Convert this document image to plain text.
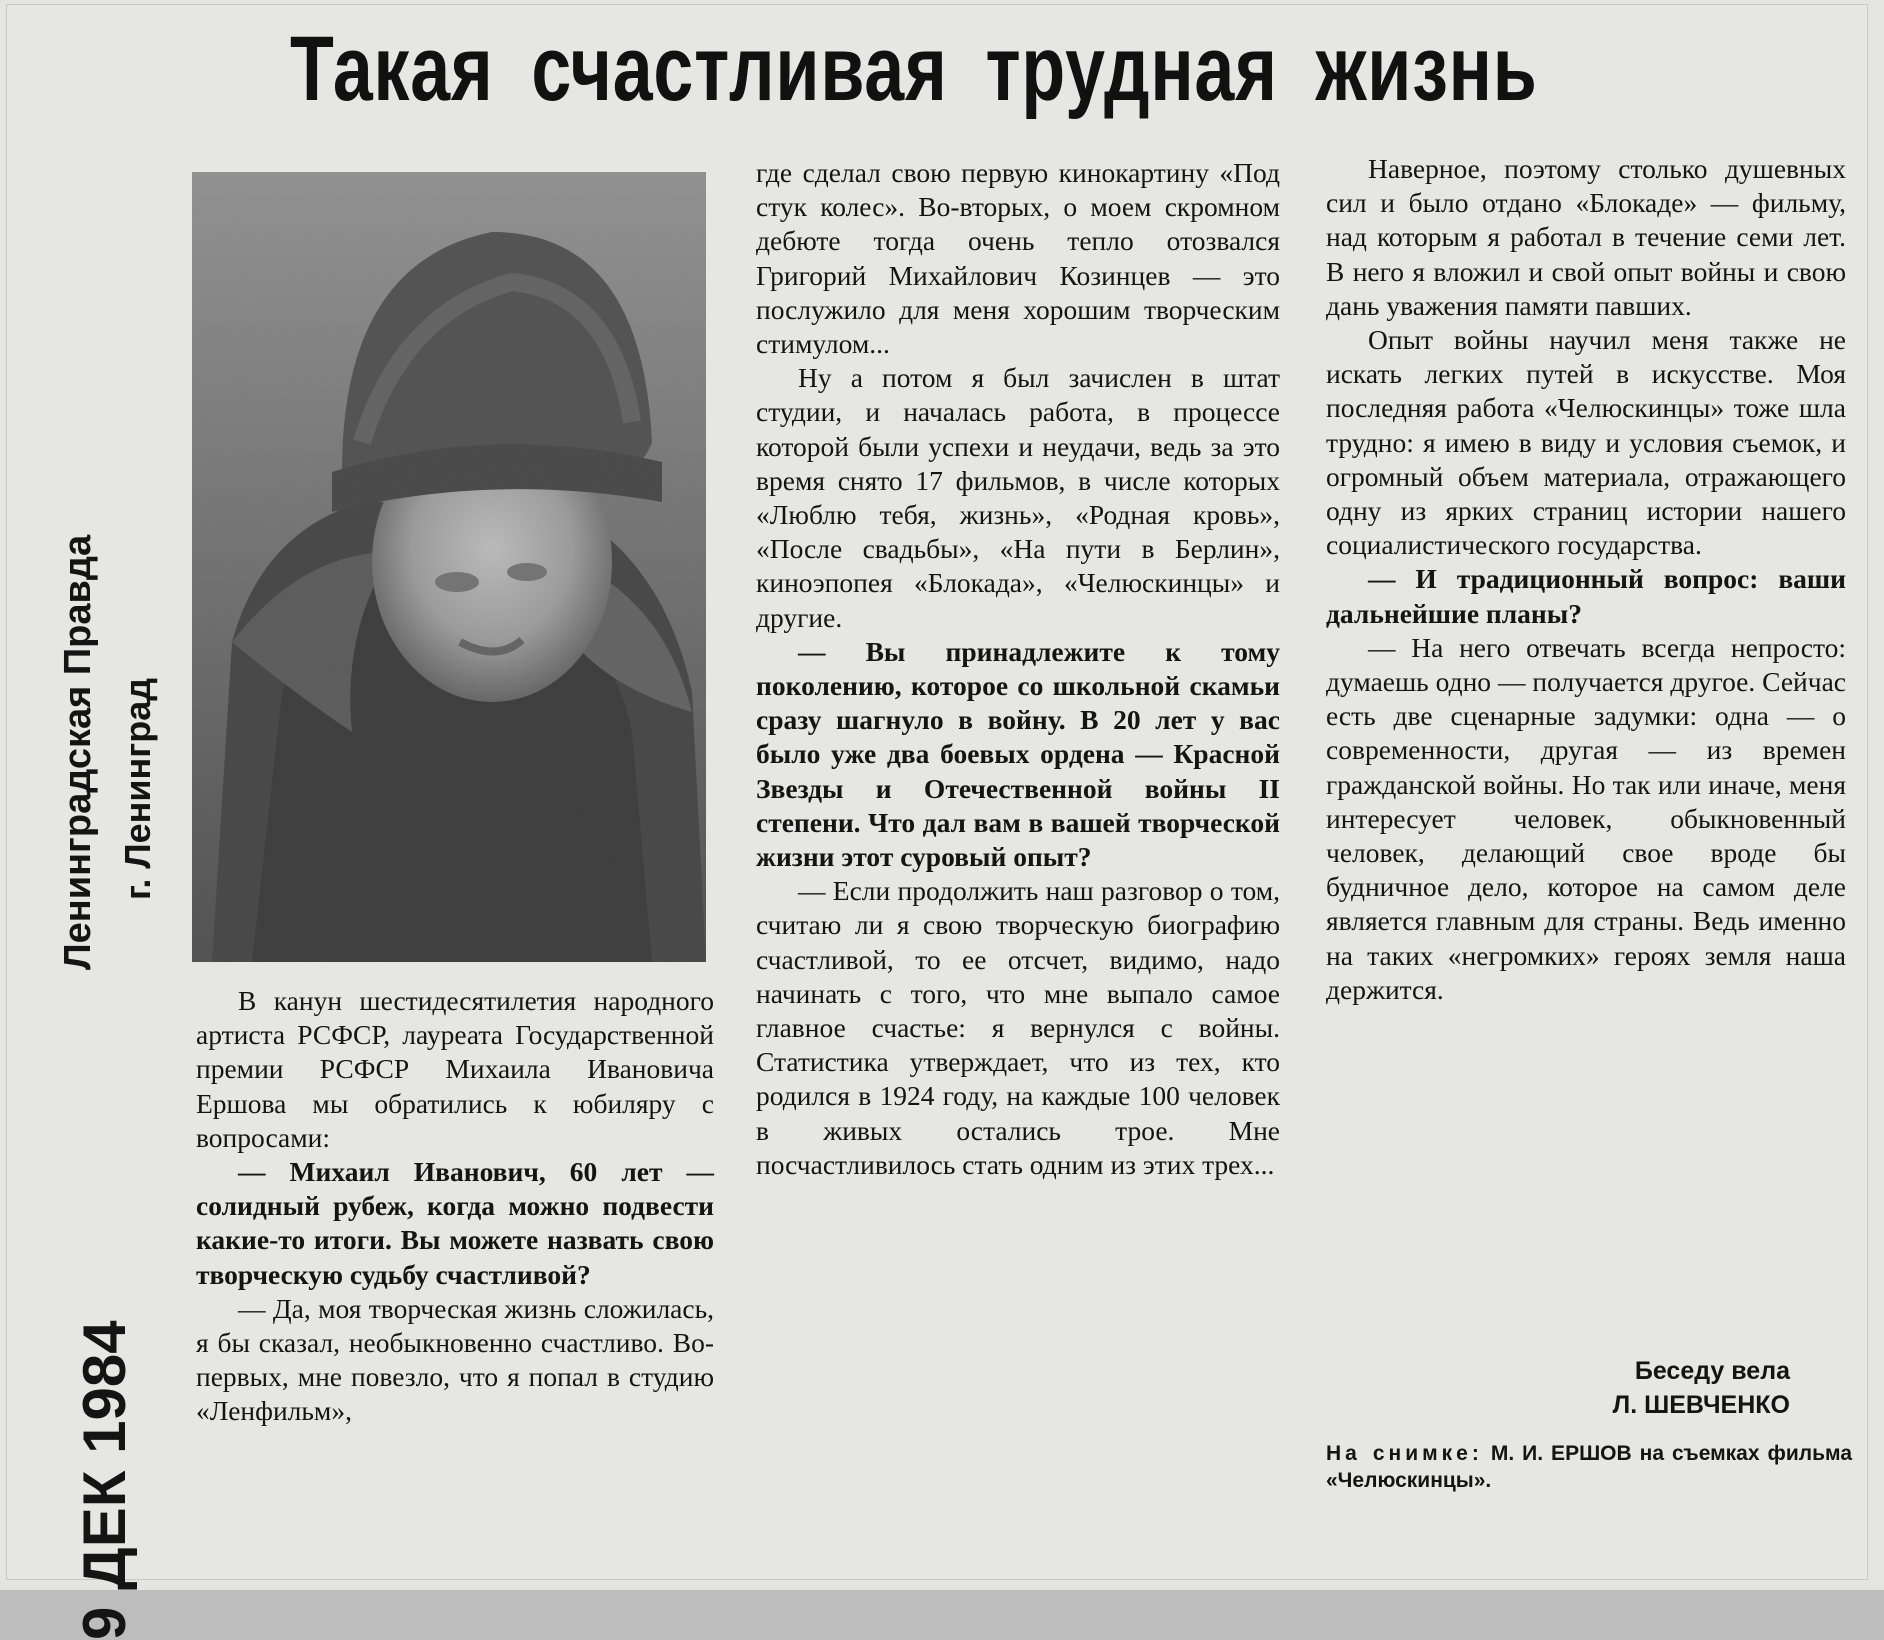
Такая счастливая трудная жизнь
Ленинградская Правда г. Ленинград
9 ДЕК 1984

В канун шестидесятилетия народного артиста РСФСР, лауреата Государственной премии РСФСР Михаила Ивановича Ершова мы обратились к юбиляру с вопросами:

— Михаил Иванович, 60 лет — солидный рубеж, когда можно подвести какие-то итоги. Вы можете назвать свою творческую судьбу счастливой?

— Да, моя творческая жизнь сложилась, я бы сказал, необыкновенно счастливо. Во-первых, мне повезло, что я попал в студию «Ленфильм»,

где сделал свою первую кинокартину «Под стук колес». Во-вторых, о моем скромном дебюте тогда очень тепло отозвался Григорий Михайлович Козинцев — это послужило для меня хорошим творческим стимулом...

Ну а потом я был зачислен в штат студии, и началась работа, в процессе которой были успехи и неудачи, ведь за это время снято 17 фильмов, в числе которых «Люблю тебя, жизнь», «Родная кровь», «После свадьбы», «На пути в Берлин», киноэпопея «Блокада», «Челюскинцы» и другие.

— Вы принадлежите к тому поколению, которое со школьной скамьи сразу шагнуло в войну. В 20 лет у вас было уже два боевых ордена — Красной Звезды и Отечественной войны II степени. Что дал вам в вашей творческой жизни этот суровый опыт?

— Если продолжить наш разговор о том, считаю ли я свою творческую биографию счастливой, то ее отсчет, видимо, надо начинать с того, что мне выпало самое главное счастье: я вернулся с войны. Статистика утверждает, что из тех, кто родился в 1924 году, на каждые 100 человек в живых остались трое. Мне посчастливилось стать одним из этих трех...

Наверное, поэтому столько душевных сил и было отдано «Блокаде» — фильму, над которым я работал в течение семи лет. В него я вложил и свой опыт войны и свою дань уважения памяти павших.

Опыт войны научил меня также не искать легких путей в искусстве. Моя последняя работа «Челюскинцы» тоже шла трудно: я имею в виду и условия съемок, и огромный объем материала, отражающего одну из ярких страниц истории нашего социалистического государства.

— И традиционный вопрос: ваши дальнейшие планы?

— На него отвечать всегда непросто: думаешь одно — получается другое. Сейчас есть две сценарные задумки: одна — о современности, другая — из времен гражданской войны. Но так или иначе, меня интересует человек, обыкновенный человек, делающий свое вроде бы будничное дело, которое на самом деле является главным для страны. Ведь именно на таких «негромких» героях земля наша держится.

Беседу вела
Л. ШЕВЧЕНКО
На снимке: М. И. ЕРШОВ на съемках фильма «Челюскинцы».
